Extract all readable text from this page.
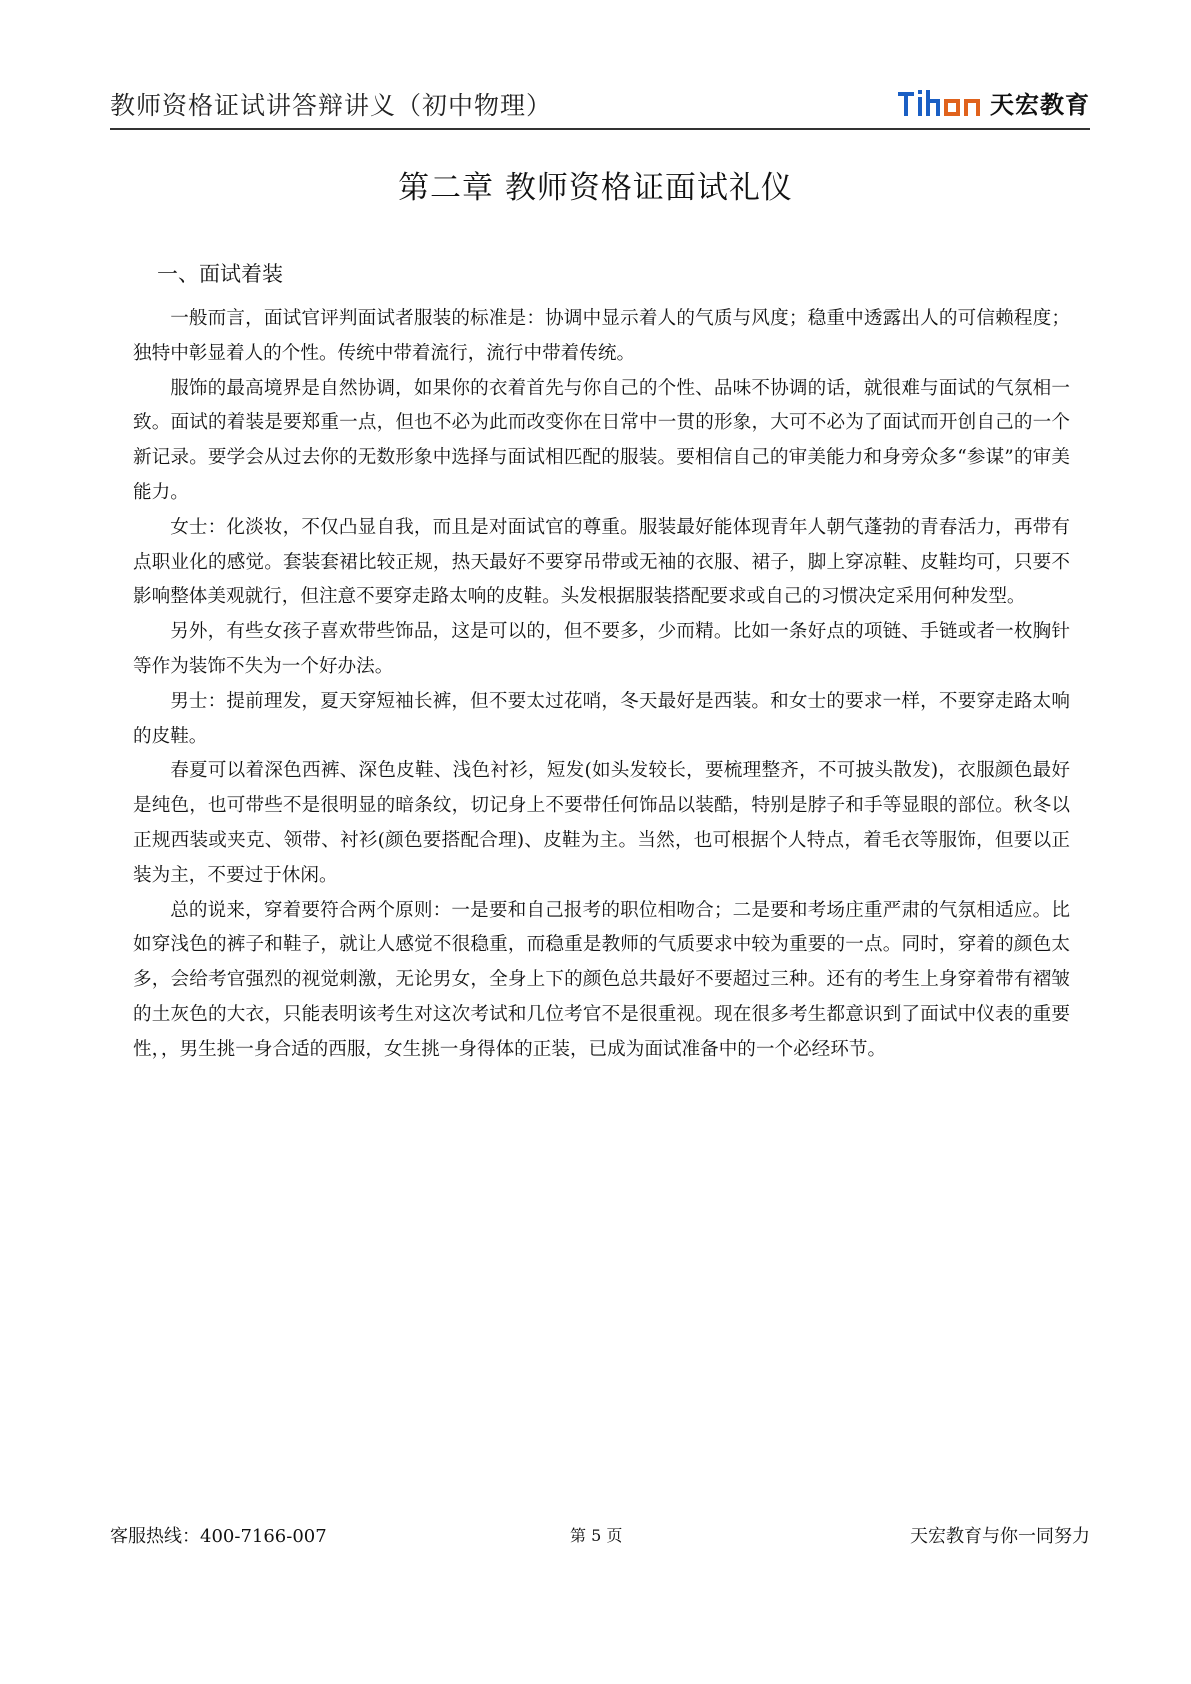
教师资格证试讲答辩讲义（初中物理）	天宏教育
第二章 教师资格证面试礼仪
一、面试着装

一般而言，面试官评判面试者服装的标准是：协调中显示着人的气质与风度；稳重中透露出人的可信赖程度；独特中彰显着人的个性。传统中带着流行，流行中带着传统。

服饰的最高境界是自然协调，如果你的衣着首先与你自己的个性、品味不协调的话，就很难与面试的气氛相一致。面试的着装是要郑重一点，但也不必为此而改变你在日常中一贯的形象，大可不必为了面试而开创自己的一个新记录。要学会从过去你的无数形象中选择与面试相匹配的服装。要相信自己的审美能力和身旁众多“参谋”的审美能力。

女士：化淡妆，不仅凸显自我，而且是对面试官的尊重。服装最好能体现青年人朝气蓬勃的青春活力，再带有点职业化的感觉。套装套裙比较正规，热天最好不要穿吊带或无袖的衣服、裙子，脚上穿凉鞋、皮鞋均可，只要不影响整体美观就行，但注意不要穿走路太响的皮鞋。头发根据服装搭配要求或自己的习惯决定采用何种发型。

另外，有些女孩子喜欢带些饰品，这是可以的，但不要多，少而精。比如一条好点的项链、手链或者一枚胸针等作为装饰不失为一个好办法。

男士：提前理发，夏天穿短袖长裤，但不要太过花哨，冬天最好是西装。和女士的要求一样，不要穿走路太响的皮鞋。

春夏可以着深色西裤、深色皮鞋、浅色衬衫，短发(如头发较长，要梳理整齐，不可披头散发)，衣服颜色最好是纯色，也可带些不是很明显的暗条纹，切记身上不要带任何饰品以装酷，特别是脖子和手等显眼的部位。秋冬以正规西装或夹克、领带、衬衫(颜色要搭配合理)、皮鞋为主。当然，也可根据个人特点，着毛衣等服饰，但要以正装为主，不要过于休闲。

总的说来，穿着要符合两个原则：一是要和自己报考的职位相吻合；二是要和考场庄重严肃的气氛相适应。比如穿浅色的裤子和鞋子，就让人感觉不很稳重，而稳重是教师的气质要求中较为重要的一点。同时，穿着的颜色太多，会给考官强烈的视觉刺激，无论男女，全身上下的颜色总共最好不要超过三种。还有的考生上身穿着带有褶皱的土灰色的大衣，只能表明该考生对这次考试和几位考官不是很重视。现在很多考生都意识到了面试中仪表的重要性，，男生挑一身合适的西服，女生挑一身得体的正装，已成为面试准备中的一个必经环节。

客服热线：400-7166-007	第 5 页	天宏教育与你一同努力
